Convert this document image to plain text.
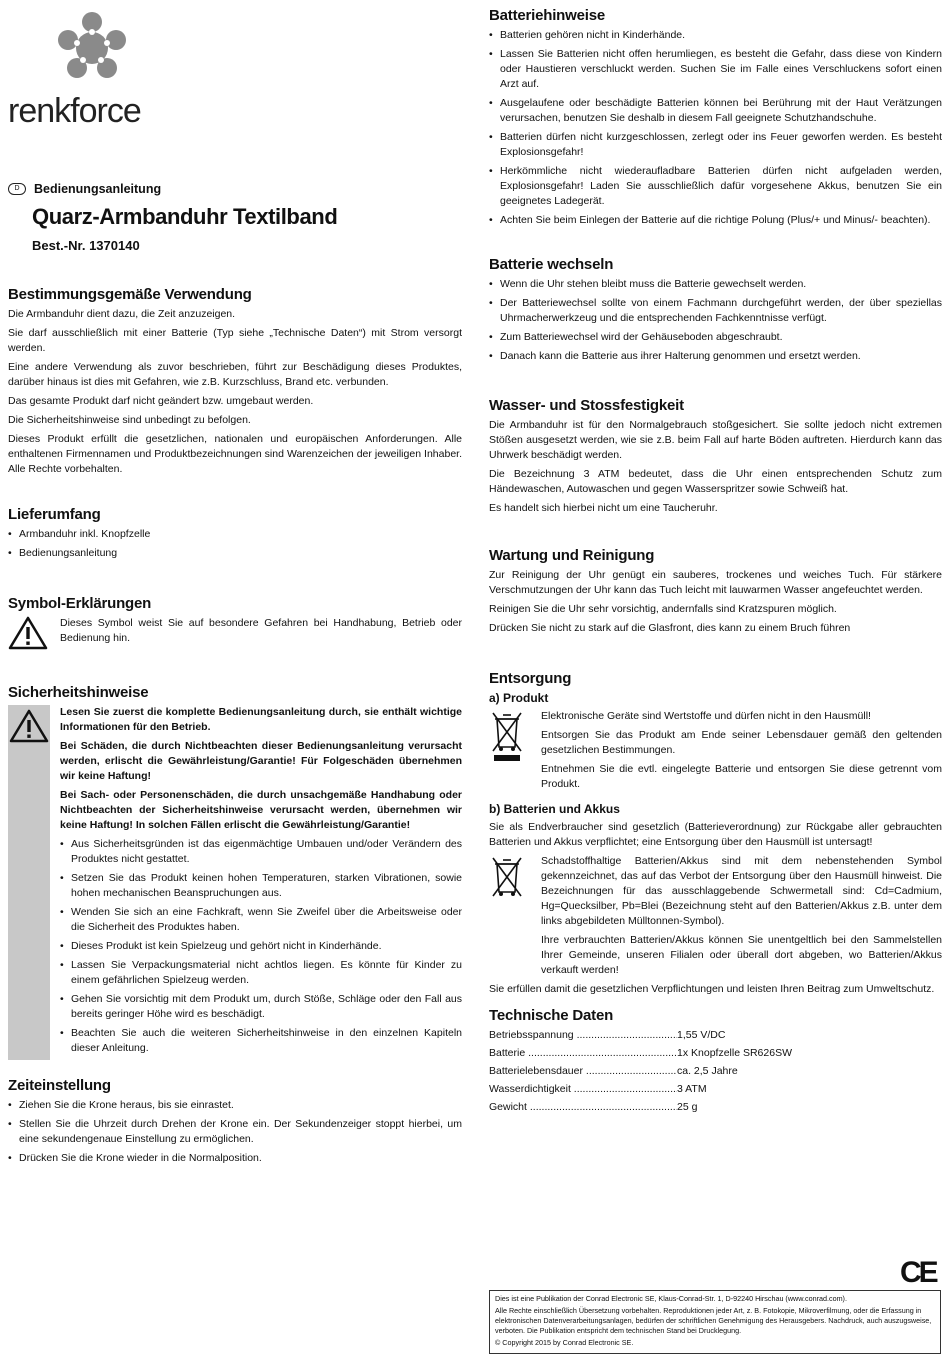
renkforce
D	Bedienungsanleitung
Quarz-Armbanduhr Textilband
Best.-Nr. 1370140
Bestimmungsgemäße Verwendung

Die Armbanduhr dient dazu, die Zeit anzuzeigen.

Sie darf ausschließlich mit einer Batterie (Typ siehe „Technische Daten“) mit Strom versorgt werden.

Eine andere Verwendung als zuvor beschrieben, führt zur Beschädigung dieses Produktes, darüber hinaus ist dies mit Gefahren, wie z.B. Kurzschluss, Brand etc. verbunden.

Das gesamte Produkt darf nicht geändert bzw. umgebaut werden.

Die Sicherheitshinweise sind unbedingt zu befolgen.

Dieses Produkt erfüllt die gesetzlichen, nationalen und europäischen Anforderungen. Alle enthaltenen Firmennamen und Produktbezeichnungen sind Warenzeichen der jeweiligen Inhaber. Alle Rechte vorbehalten.

Lieferumfang
• Armbanduhr inkl. Knopfzelle
• Bedienungsanleitung
Symbol-Erklärungen

Dieses Symbol weist Sie auf besondere Gefahren bei Handhabung, Betrieb oder Bedienung hin.

Sicherheitshinweise

Lesen Sie zuerst die komplette Bedienungsanleitung durch, sie enthält wichtige Informationen für den Betrieb.

Bei Schäden, die durch Nichtbeachten dieser Bedienungsanleitung verursacht werden, erlischt die Gewährleistung/Garantie! Für Folgeschäden übernehmen wir keine Haftung!

Bei Sach- oder Personenschäden, die durch unsachgemäße Handhabung oder Nichtbeachten der Sicherheitshinweise verursacht werden, übernehmen wir keine Haftung! In solchen Fällen erlischt die Gewährleistung/Garantie!

• Aus Sicherheitsgründen ist das eigenmächtige Umbauen und/oder Verändern des Produktes nicht gestattet.
• Setzen Sie das Produkt keinen hohen Temperaturen, starken Vibrationen, sowie hohen mechanischen Beanspruchungen aus.
• Wenden Sie sich an eine Fachkraft, wenn Sie Zweifel über die Arbeitsweise oder die Sicherheit des Produktes haben.
• Dieses Produkt ist kein Spielzeug und gehört nicht in Kinderhände.
• Lassen Sie Verpackungsmaterial nicht achtlos liegen. Es könnte für Kinder zu einem gefährlichen Spielzeug werden.
• Gehen Sie vorsichtig mit dem Produkt um, durch Stöße, Schläge oder den Fall aus bereits geringer Höhe wird es beschädigt.
• Beachten Sie auch die weiteren Sicherheitshinweise in den einzelnen Kapiteln dieser Anleitung.
Zeiteinstellung
• Ziehen Sie die Krone heraus, bis sie einrastet.
• Stellen Sie die Uhrzeit durch Drehen der Krone ein. Der Sekundenzeiger stoppt hierbei, um eine sekundengenaue Einstellung zu ermöglichen.
• Drücken Sie die Krone wieder in die Normalposition.
Batteriehinweise
• Batterien gehören nicht in Kinderhände.
• Lassen Sie Batterien nicht offen herumliegen, es besteht die Gefahr, dass diese von Kindern oder Haustieren verschluckt werden. Suchen Sie im Falle eines Verschluckens sofort einen Arzt auf.
• Ausgelaufene oder beschädigte Batterien können bei Berührung mit der Haut Verätzungen verursachen, benutzen Sie deshalb in diesem Fall geeignete Schutzhandschuhe.
• Batterien dürfen nicht kurzgeschlossen, zerlegt oder ins Feuer geworfen werden. Es besteht Explosionsgefahr!
• Herkömmliche nicht wiederaufladbare Batterien dürfen nicht aufgeladen werden, Explosionsgefahr! Laden Sie ausschließlich dafür vorgesehene Akkus, benutzen Sie ein geeignetes Ladegerät.
• Achten Sie beim Einlegen der Batterie auf die richtige Polung (Plus/+ und Minus/- beachten).
Batterie wechseln
• Wenn die Uhr stehen bleibt muss die Batterie gewechselt werden.
• Der Batteriewechsel sollte von einem Fachmann durchgeführt werden, der über speziellas Uhrmacherwerkzeug und die entsprechenden Fachkenntnisse verfügt.
• Zum Batteriewechsel wird der Gehäuseboden abgeschraubt.
• Danach kann die Batterie aus ihrer Halterung genommen und ersetzt werden.
Wasser- und Stossfestigkeit

Die Armbanduhr ist für den Normalgebrauch stoßgesichert. Sie sollte jedoch nicht extremen Stößen ausgesetzt werden, wie sie z.B. beim Fall auf harte Böden auftreten. Hierdurch kann das Uhrwerk beschädigt werden.

Die Bezeichnung 3 ATM bedeutet, dass die Uhr einen entsprechenden Schutz zum Händewaschen, Autowaschen und gegen Wasserspritzer sowie Schweiß hat.

Es handelt sich hierbei nicht um eine Taucheruhr.

Wartung und Reinigung

Zur Reinigung der Uhr genügt ein sauberes, trockenes und weiches Tuch. Für stärkere Verschmutzungen der Uhr kann das Tuch leicht mit lauwarmen Wasser angefeuchtet werden.

Reinigen Sie die Uhr sehr vorsichtig, andernfalls sind Kratzspuren möglich.

Drücken Sie nicht zu stark auf die Glasfront, dies kann zu einem Bruch führen

Entsorgung
a) Produkt

Elektronische Geräte sind Wertstoffe und dürfen nicht in den Hausmüll!

Entsorgen Sie das Produkt am Ende seiner Lebensdauer gemäß den geltenden gesetzlichen Bestimmungen.

Entnehmen Sie die evtl. eingelegte Batterie und entsorgen Sie diese getrennt vom Produkt.

b) Batterien und Akkus

Sie als Endverbraucher sind gesetzlich (Batterieverordnung) zur Rückgabe aller gebrauchten Batterien und Akkus verpflichtet; eine Entsorgung über den Hausmüll ist untersagt!

Schadstoffhaltige Batterien/Akkus sind mit dem nebenstehenden Symbol gekennzeichnet, das auf das Verbot der Entsorgung über den Hausmüll hinweist. Die Bezeichnungen für das ausschlaggebende Schwermetall sind: Cd=Cadmium, Hg=Quecksilber, Pb=Blei (Bezeichnung steht auf den Batterien/Akkus z.B. unter dem links abgebildeten Mülltonnen-Symbol).

Ihre verbrauchten Batterien/Akkus können Sie unentgeltlich bei den Sammelstellen Ihrer Gemeinde, unseren Filialen oder überall dort abgeben, wo Batterien/Akkus verkauft werden!

Sie erfüllen damit die gesetzlichen Verpflichtungen und leisten Ihren Beitrag zum Umweltschutz.

Technische Daten
Betriebsspannung .....	1,55 V/DC
Batterie .....	1x Knopfzelle SR626SW
Batterielebensdauer .....	ca. 2,5 Jahre
Wasserdichtigkeit .....	3 ATM
Gewicht .....	25 g
CE
Dies ist eine Publikation der Conrad Electronic SE, Klaus-Conrad-Str. 1, D-92240 Hirschau (www.conrad.com).
Alle Rechte einschließlich Übersetzung vorbehalten. Reproduktionen jeder Art, z. B. Fotokopie, Mikroverfilmung, oder die Erfassung in elektronischen Datenverarbeitungsanlagen, bedürfen der schriftlichen Genehmigung des Herausgebers. Nachdruck, auch auszugsweise, verboten. Die Publikation entspricht dem technischen Stand bei Drucklegung.
© Copyright 2015 by Conrad Electronic SE.
